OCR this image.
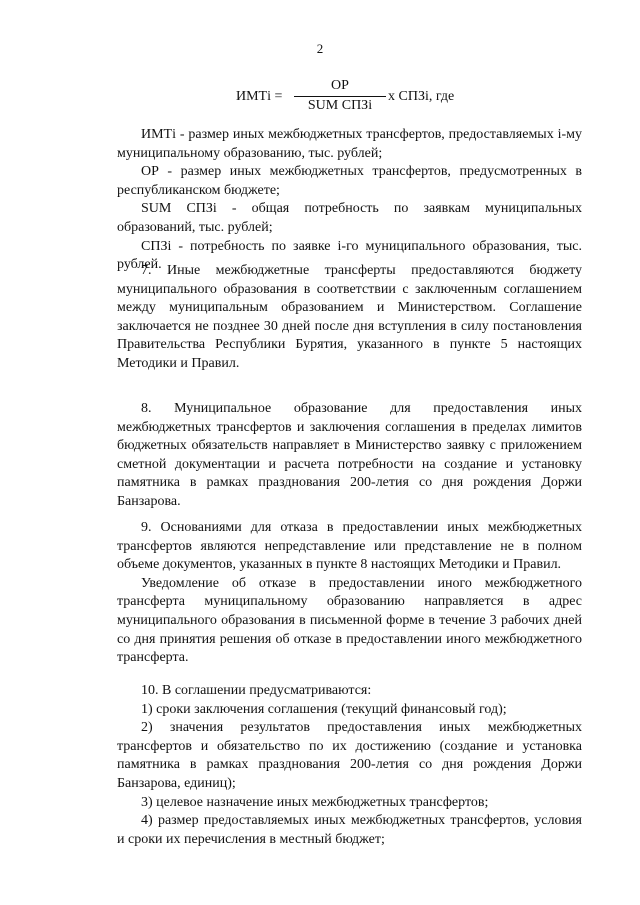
2
ИМТi =
ОР
SUM СПЗi
x СПЗi, где

ИМТi - размер иных межбюджетных трансфертов, предоставляемых i-му муниципальному образованию, тыс. рублей;

ОР - размер иных межбюджетных трансфертов, предусмотренных в республиканском бюджете;

SUM СПЗi - общая потребность по заявкам муниципальных образований, тыс. рублей;

СПЗi - потребность по заявке i-го муниципального образования, тыс. рублей.

7. Иные межбюджетные трансферты предоставляются бюджету муниципального образования в соответствии с заключенным соглашением между муниципальным образованием и Министерством. Соглашение заключается не позднее 30 дней после дня вступления в силу постановления Правительства Республики Бурятия, указанного в пункте 5 настоящих Методики и Правил.

8. Муниципальное образование для предоставления иных межбюджетных трансфертов и заключения соглашения в пределах лимитов бюджетных обязательств направляет в Министерство заявку с приложением сметной документации и расчета потребности на создание и установку памятника в рамках празднования 200-летия со дня рождения Доржи Банзарова.

9. Основаниями для отказа в предоставлении иных межбюджетных трансфертов являются непредставление или представление не в полном объеме документов, указанных в пункте 8 настоящих Методики и Правил.

Уведомление об отказе в предоставлении иного межбюджетного трансферта муниципальному образованию направляется в адрес муниципального образования в письменной форме в течение 3 рабочих дней со дня принятия решения об отказе в предоставлении иного межбюджетного трансферта.

10. В соглашении предусматриваются:

1) сроки заключения соглашения (текущий финансовый год);

2) значения результатов предоставления иных межбюджетных трансфертов и обязательство по их достижению (создание и установка памятника в рамках празднования 200-летия со дня рождения Доржи Банзарова, единиц);

3) целевое назначение иных межбюджетных трансфертов;

4) размер предоставляемых иных межбюджетных трансфертов, условия и сроки их перечисления в местный бюджет;
